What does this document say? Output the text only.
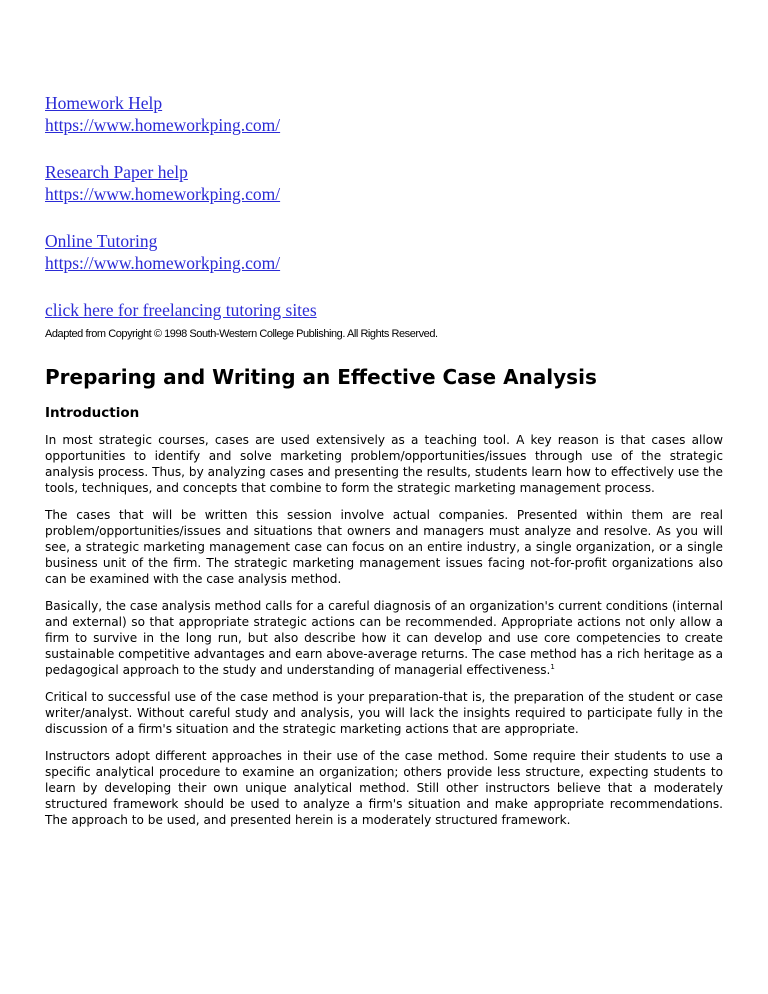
Homework Help
https://www.homeworkping.com/
Research Paper help
https://www.homeworkping.com/
Online Tutoring
https://www.homeworkping.com/
click here for freelancing tutoring sites
Adapted from Copyright © 1998 South-Western College Publishing. All Rights Reserved.
Preparing and Writing an Effective Case Analysis
Introduction

In most strategic courses, cases are used extensively as a teaching tool. A key reason is that cases allow opportunities to identify and solve marketing problem/opportunities/issues through use of the strategic analysis process. Thus, by analyzing cases and presenting the results, students learn how to effectively use the tools, techniques, and concepts that combine to form the strategic marketing management process.

The cases that will be written this session involve actual companies. Presented within them are real problem/opportunities/issues and situations that owners and managers must analyze and resolve. As you will see, a strategic marketing management case can focus on an entire industry, a single organization, or a single business unit of the firm. The strategic marketing management issues facing not-for-profit organizations also can be examined with the case analysis method.

Basically, the case analysis method calls for a careful diagnosis of an organization's current conditions (internal and external) so that appropriate strategic actions can be recommended. Appropriate actions not only allow a firm to survive in the long run, but also describe how it can develop and use core competencies to create sustainable competitive advantages and earn above-average returns. The case method has a rich heritage as a pedagogical approach to the study and understanding of managerial effectiveness.$^1$

Critical to successful use of the case method is your preparation-that is, the preparation of the student or case writer/analyst. Without careful study and analysis, you will lack the insights required to participate fully in the discussion of a firm's situation and the strategic marketing actions that are appropriate.

Instructors adopt different approaches in their use of the case method. Some require their students to use a specific analytical procedure to examine an organization; others provide less structure, expecting students to learn by developing their own unique analytical method. Still other instructors believe that a moderately structured framework should be used to analyze a firm's situation and make appropriate recommendations. The approach to be used, and presented herein is a moderately structured framework.
